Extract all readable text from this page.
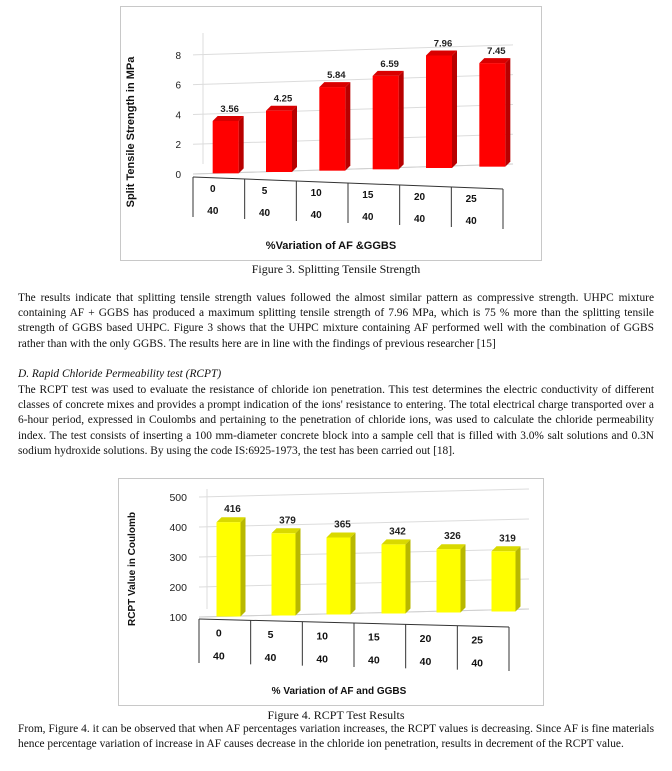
0
2
4
6
8
3.56
4.25
5.84
6.59
7.96
7.45
0
40
5
40
10
40
15
40
20
40
25
40
%Variation of AF &GGBS
Split Tensile Strength in MPa
Figure 3. Splitting Tensile Strength

The results indicate that splitting tensile strength values followed the almost similar pattern as compressive strength. UHPC mixture containing AF + GGBS has produced a maximum splitting tensile strength of 7.96 MPa, which is 75 % more than the splitting tensile strength of GGBS based UHPC. Figure 3 shows that the UHPC mixture containing AF performed well with the combination of GGBS rather than with the only GGBS. The results here are in line with the findings of previous researcher [15]

D. Rapid Chloride Permeability test (RCPT)

The RCPT test was used to evaluate the resistance of chloride ion penetration. This test determines the electric conductivity of different classes of concrete mixes and provides a prompt indication of the ions' resistance to entering. The total electrical charge transported over a 6-hour period, expressed in Coulombs and pertaining to the penetration of chloride ions, was used to calculate the chloride permeability index. The test consists of inserting a 100 mm-diameter concrete block into a sample cell that is filled with 3.0% salt solutions and 0.3N sodium hydroxide solutions. By using the code IS:6925-1973, the test has been carried out [18].

100
200
300
400
500
416
379	365
342	326	319
0
40
5
40
10
40
15
40
20
40
25
40
% Variation of AF and GGBS
RCPT Value in Coulomb
Figure 4. RCPT Test Results

From, Figure 4. it can be observed that when AF percentages variation increases, the RCPT values is decreasing. Since AF is fine materials hence percentage variation of increase in AF causes decrease in the chloride ion penetration, results in decrement of the RCPT value.
